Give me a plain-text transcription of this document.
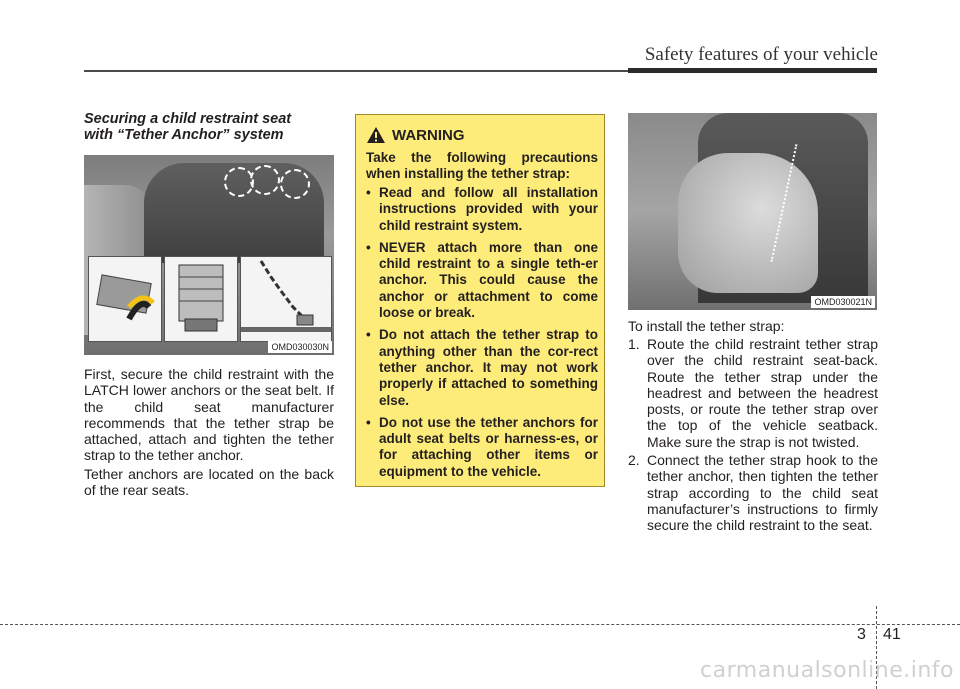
Safety features of your vehicle
Securing a child restraint seat
with “Tether Anchor” system
OMD030030N

First, secure the child restraint with the LATCH lower anchors or the seat belt. If the child seat manufacturer recommends that the tether strap be attached, attach and tighten the tether strap to the tether anchor.

Tether anchors are located on the back of the rear seats.

WARNING
Take the following precautions when installing the tether strap:
• Read and follow all installation instructions provided with your child restraint system.
• NEVER attach more than one child restraint to a single teth-er anchor. This could cause the anchor or attachment to come loose or break.
• Do not attach the tether strap to anything other than the cor-rect tether anchor. It may not work properly if attached to something else.
• Do not use the tether anchors for adult seat belts or harness-es, or for attaching other items or equipment to the vehicle.
OMD030021N
To install the tether strap:
1. Route the child restraint tether strap over the child restraint seat-back. Route the tether strap under the headrest and between the headrest posts, or route the tether strap over the top of the vehicle seatback. Make sure the strap is not twisted.
2. Connect the tether strap hook to the tether anchor, then tighten the tether strap according to the child seat manufacturer’s instructions to firmly secure the child restraint to the seat.
3 41
carmanualsonline.info
